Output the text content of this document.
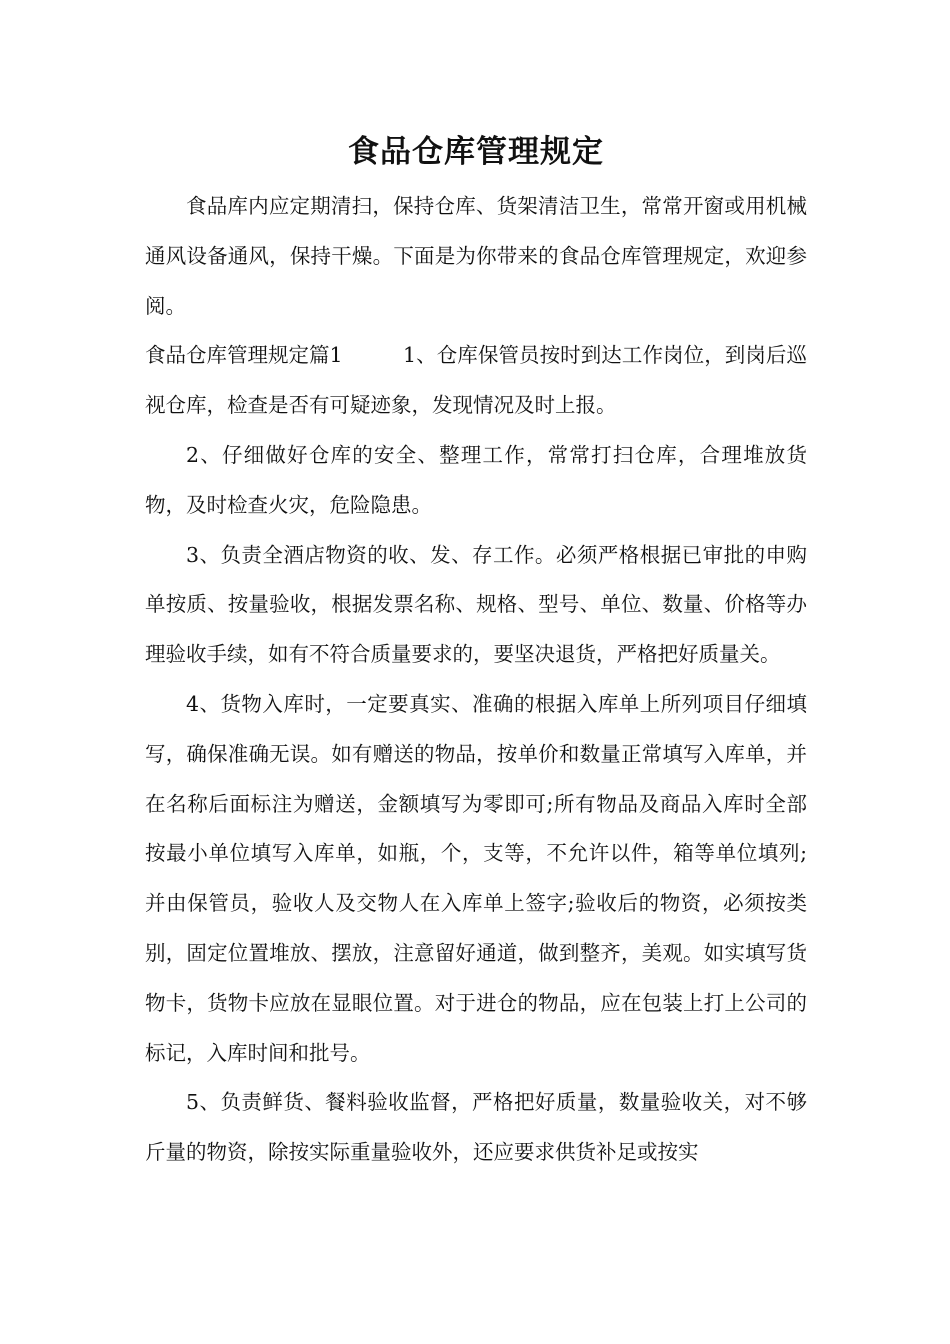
食品仓库管理规定

食品库内应定期清扫，保持仓库、货架清洁卫生，常常开窗或用机械通风设备通风，保持干燥。下面是为你带来的食品仓库管理规定，欢迎参阅。

食品仓库管理规定篇1	1、仓库保管员按时到达工作岗位，到岗后巡视仓库，检查是否有可疑迹象，发现情况及时上报。

2、仔细做好仓库的安全、整理工作，常常打扫仓库，合理堆放货物，及时检查火灾，危险隐患。

3、负责全酒店物资的收、发、存工作。必须严格根据已审批的申购单按质、按量验收，根据发票名称、规格、型号、单位、数量、价格等办理验收手续，如有不符合质量要求的，要坚决退货，严格把好质量关。

4、货物入库时，一定要真实、准确的根据入库单上所列项目仔细填写，确保准确无误。如有赠送的物品，按单价和数量正常填写入库单，并在名称后面标注为赠送，金额填写为零即可;所有物品及商品入库时全部按最小单位填写入库单，如瓶，个，支等，不允许以件，箱等单位填列;并由保管员，验收人及交物人在入库单上签字;验收后的物资，必须按类别，固定位置堆放、摆放，注意留好通道，做到整齐，美观。如实填写货物卡，货物卡应放在显眼位置。对于进仓的物品，应在包装上打上公司的标记，入库时间和批号。

5、负责鲜货、餐料验收监督，严格把好质量，数量验收关，对不够斤量的物资，除按实际重量验收外，还应要求供货补足或按实
